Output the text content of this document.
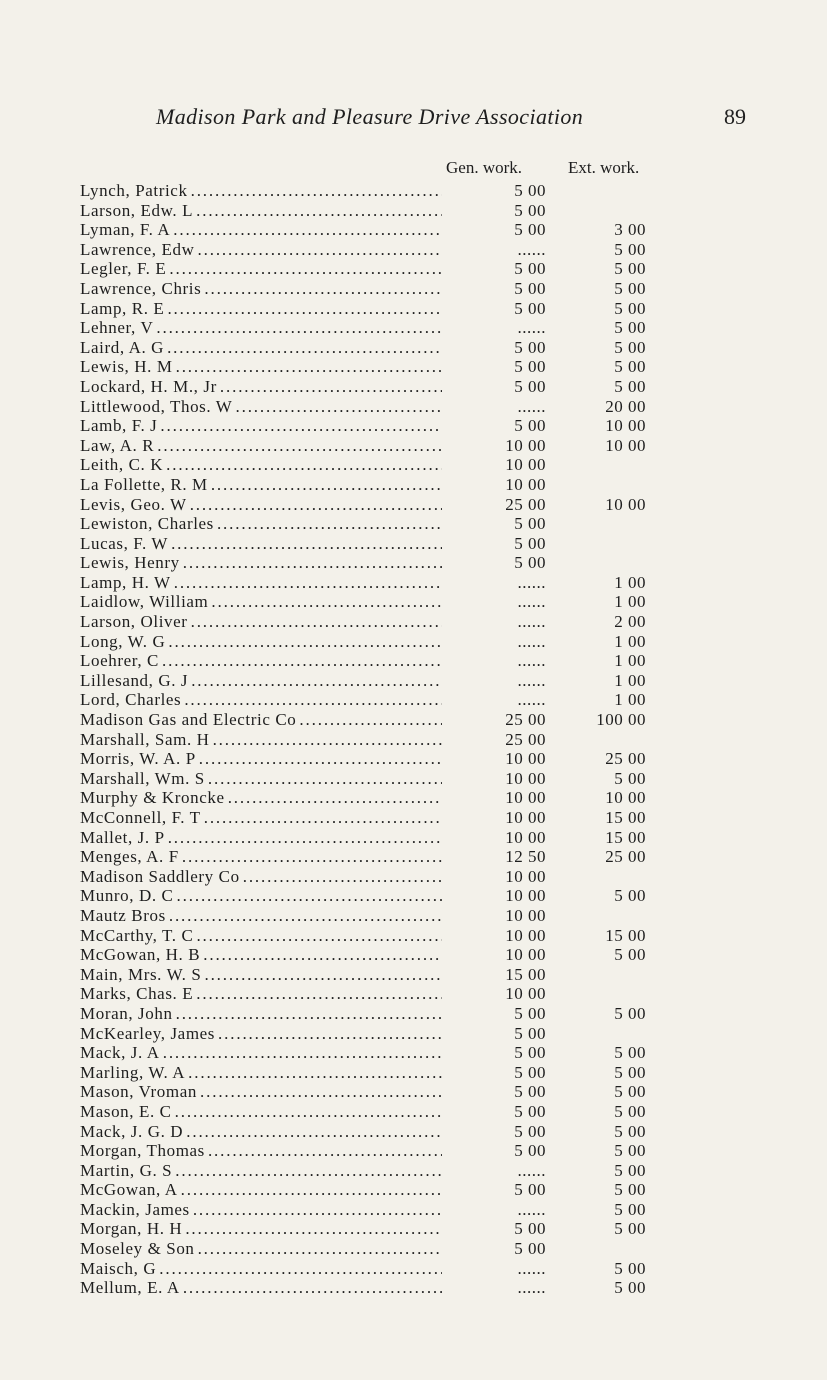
Madison Park and Pleasure Drive Association	89
Gen. work.	Ext. work.
Lynch, Patrick . . .	5 00
Larson, Edw. L . . .	5 00
Lyman, F. A . . .	5 00	3 00
Lawrence, Edw . . .	......	5 00
Legler, F. E . . .	5 00	5 00
Lawrence, Chris . . .	5 00	5 00
Lamp, R. E . . .	5 00	5 00
Lehner, V . . .	......	5 00
Laird, A. G . . .	5 00	5 00
Lewis, H. M . . .	5 00	5 00
Lockard, H. M., Jr . . .	5 00	5 00
Littlewood, Thos. W . . .	......	20 00
Lamb, F. J . . .	5 00	10 00
Law, A. R . . .	10 00	10 00
Leith, C. K . . .	10 00
La Follette, R. M . . .	10 00
Levis, Geo. W . . .	25 00	10 00
Lewiston, Charles . . .	5 00
Lucas, F. W . . .	5 00
Lewis, Henry . . .	5 00
Lamp, H. W . . .	......	1 00
Laidlow, William . . .	......	1 00
Larson, Oliver . . .	......	2 00
Long, W. G . . .	......	1 00
Loehrer, C . . .	......	1 00
Lillesand, G. J . . .	......	1 00
Lord, Charles . . .	......	1 00
Madison Gas and Electric Co . . .	25 00	100 00
Marshall, Sam. H . . .	25 00
Morris, W. A. P . . .	10 00	25 00
Marshall, Wm. S . . .	10 00	5 00
Murphy & Kroncke . . .	10 00	10 00
McConnell, F. T . . .	10 00	15 00
Mallet, J. P . . .	10 00	15 00
Menges, A. F . . .	12 50	25 00
Madison Saddlery Co . . .	10 00
Munro, D. C . . .	10 00	5 00
Mautz Bros . . .	10 00
McCarthy, T. C . . .	10 00	15 00
McGowan, H. B . . .	10 00	5 00
Main, Mrs. W. S . . .	15 00
Marks, Chas. E . . .	10 00
Moran, John . . .	5 00	5 00
McKearley, James . . .	5 00
Mack, J. A . . .	5 00	5 00
Marling, W. A . . .	5 00	5 00
Mason, Vroman . . .	5 00	5 00
Mason, E. C . . .	5 00	5 00
Mack, J. G. D . . .	5 00	5 00
Morgan, Thomas . . .	5 00	5 00
Martin, G. S . . .	......	5 00
McGowan, A . . .	5 00	5 00
Mackin, James . . .	......	5 00
Morgan, H. H . . .	5 00	5 00
Moseley & Son . . .	5 00
Maisch, G . . .	......	5 00
Mellum, E. A . . .	......	5 00
